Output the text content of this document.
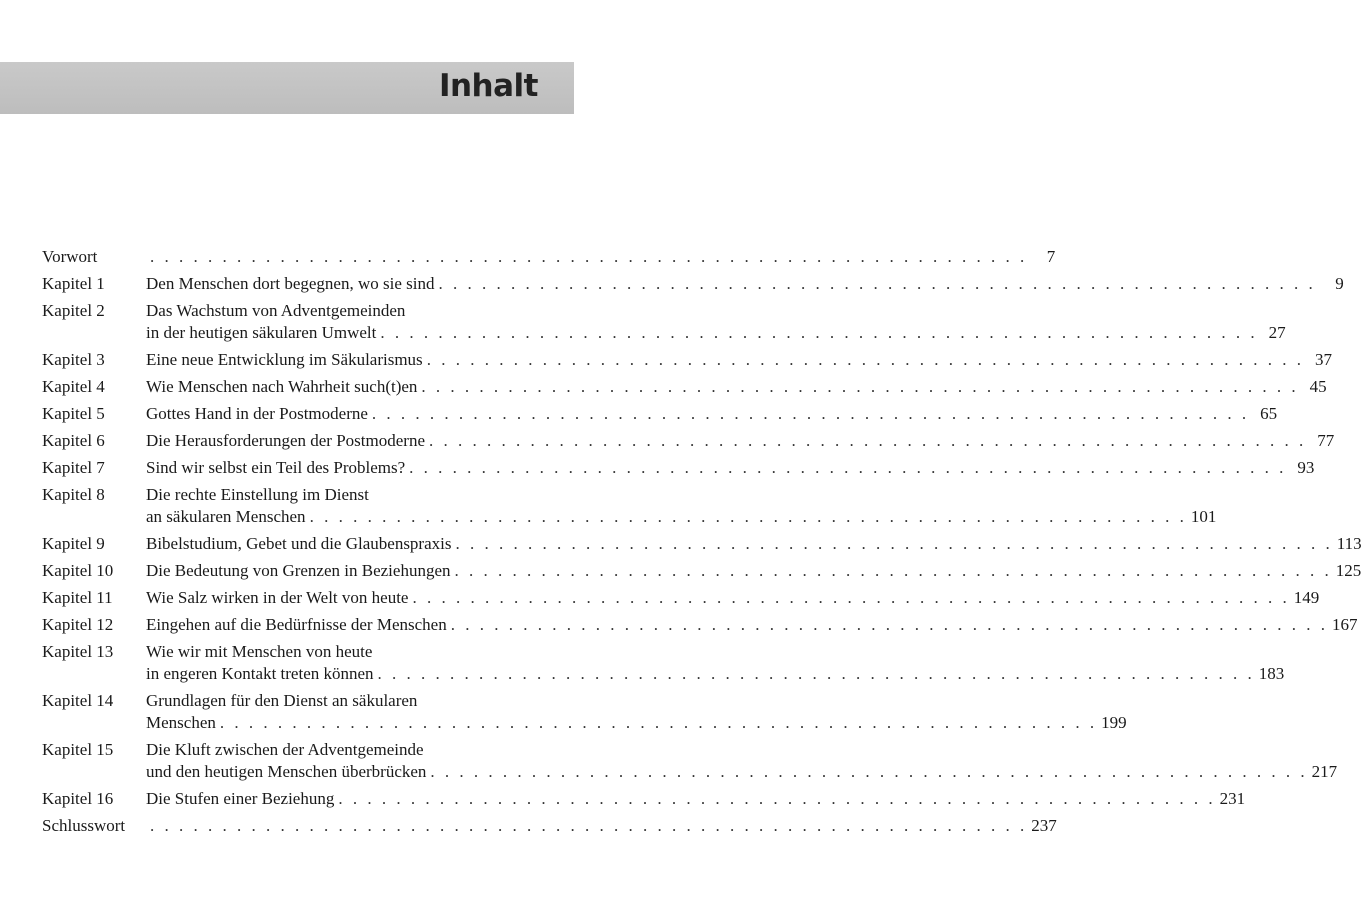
Inhalt
Vorwort	. . . . . . . . . . . . . . . . . . . . . . . . . . . . . . . . . . . . . . . . . . . . . . . . . . . . . . . . . . . . .	7
Kapitel 1	Den Menschen dort begegnen, wo sie sind . . . . . . . . . . . . . . . . . . . . . . . . . . . . . . . . . . . . . . . . . . . . . . . . . . . . . . . . . . . . .	9
Kapitel 2	Das Wachstum von Adventgemeinden
in der heutigen säkularen Umwelt . . . . . . . . . . . . . . . . . . . . . . . . . . . . . . . . . . . . . . . . . . . . . . . . . . . . . . . . . . . . . 27
Kapitel 3	Eine neue Entwicklung im Säkularismus . . . . . . . . . . . . . . . . . . . . . . . . . . . . . . . . . . . . . . . . . . . . . . . . . . . . . . . . . . . . . 37
Kapitel 4	Wie Menschen nach Wahrheit such(t)en . . . . . . . . . . . . . . . . . . . . . . . . . . . . . . . . . . . . . . . . . . . . . . . . . . . . . . . . . . . . . 45
Kapitel 5	Gottes Hand in der Postmoderne . . . . . . . . . . . . . . . . . . . . . . . . . . . . . . . . . . . . . . . . . . . . . . . . . . . . . . . . . . . . . 65
Kapitel 6	Die Herausforderungen der Postmoderne . . . . . . . . . . . . . . . . . . . . . . . . . . . . . . . . . . . . . . . . . . . . . . . . . . . . . . . . . . . . . 77
Kapitel 7	Sind wir selbst ein Teil des Problems? . . . . . . . . . . . . . . . . . . . . . . . . . . . . . . . . . . . . . . . . . . . . . . . . . . . . . . . . . . . . . 93
Kapitel 8	Die rechte Einstellung im Dienst
an säkularen Menschen . . . . . . . . . . . . . . . . . . . . . . . . . . . . . . . . . . . . . . . . . . . . . . . . . . . . . . . . . . . . . 101
Kapitel 9	Bibelstudium, Gebet und die Glaubenspraxis . . . . . . . . . . . . . . . . . . . . . . . . . . . . . . . . . . . . . . . . . . . . . . . . . . . . . . . . . . . . . 113
Kapitel 10	Die Bedeutung von Grenzen in Beziehungen . . . . . . . . . . . . . . . . . . . . . . . . . . . . . . . . . . . . . . . . . . . . . . . . . . . . . . . . . . . . . 125
Kapitel 11	Wie Salz wirken in der Welt von heute . . . . . . . . . . . . . . . . . . . . . . . . . . . . . . . . . . . . . . . . . . . . . . . . . . . . . . . . . . . . . 149
Kapitel 12	Eingehen auf die Bedürfnisse der Menschen . . . . . . . . . . . . . . . . . . . . . . . . . . . . . . . . . . . . . . . . . . . . . . . . . . . . . . . . . . . . . 167
Kapitel 13	Wie wir mit Menschen von heute
in engeren Kontakt treten können . . . . . . . . . . . . . . . . . . . . . . . . . . . . . . . . . . . . . . . . . . . . . . . . . . . . . . . . . . . . . 183
Kapitel 14	Grundlagen für den Dienst an säkularen
Menschen . . . . . . . . . . . . . . . . . . . . . . . . . . . . . . . . . . . . . . . . . . . . . . . . . . . . . . . . . . . . . 199
Kapitel 15	Die Kluft zwischen der Adventgemeinde
und den heutigen Menschen überbrücken . . . . . . . . . . . . . . . . . . . . . . . . . . . . . . . . . . . . . . . . . . . . . . . . . . . . . . . . . . . . . 217
Kapitel 16	Die Stufen einer Beziehung . . . . . . . . . . . . . . . . . . . . . . . . . . . . . . . . . . . . . . . . . . . . . . . . . . . . . . . . . . . . . 231
Schlusswort	. . . . . . . . . . . . . . . . . . . . . . . . . . . . . . . . . . . . . . . . . . . . . . . . . . . . . . . . . . . . . 237
